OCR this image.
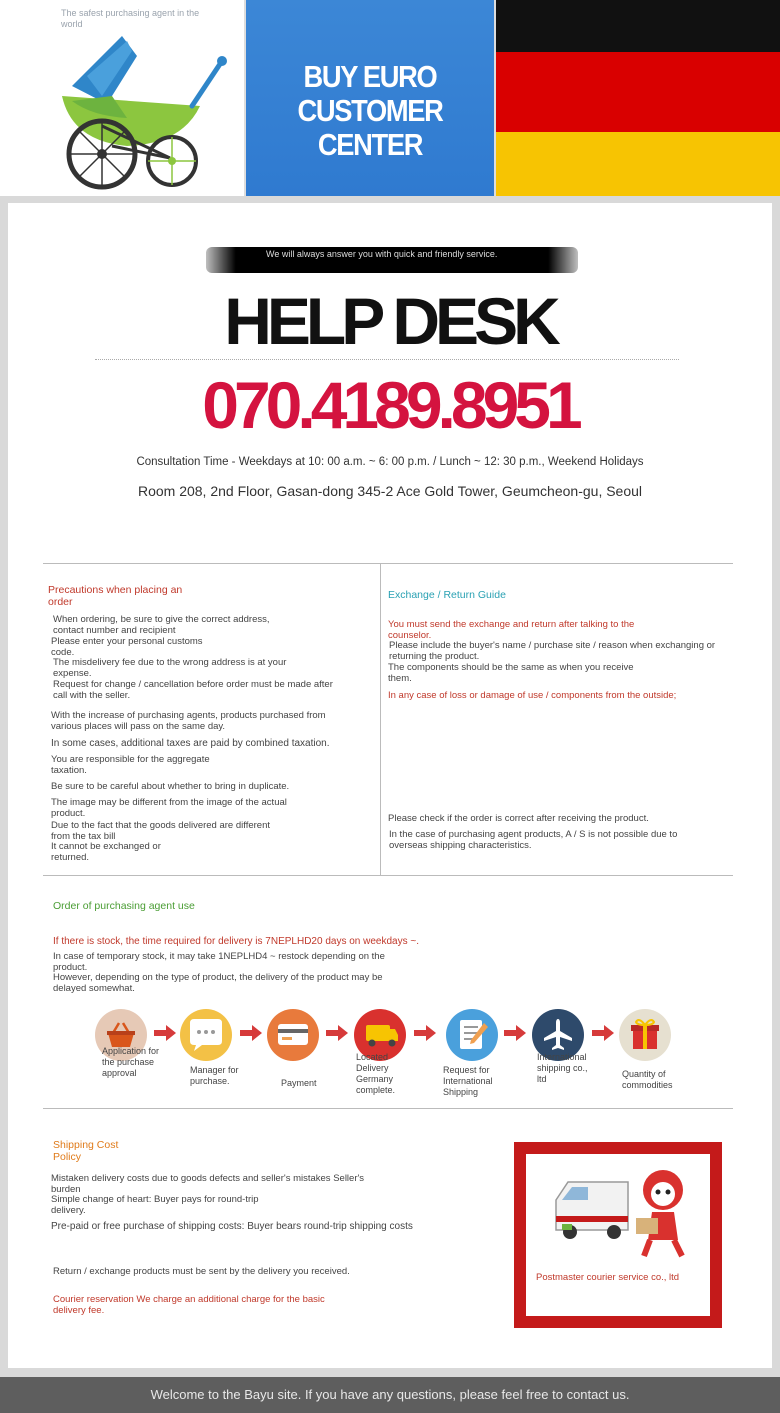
The safest purchasing agent in the world
BUY EURO
CUSTOMER CENTER
We will always answer you with quick and friendly service.
HELP DESK
070.4189.8951
Consultation Time - Weekdays at 10: 00 a.m. ~ 6: 00 p.m. / Lunch ~ 12: 30 p.m., Weekend Holidays
Room 208, 2nd Floor, Gasan-dong 345-2 Ace Gold Tower, Geumcheon-gu, Seoul
Precautions when placing an order
When ordering, be sure to give the correct address, contact number and recipient
Please enter your personal customs code.
The misdelivery fee due to the wrong address is at your expense.
Request for change / cancellation before order must be made after call with the seller.
With the increase of purchasing agents, products purchased from various places will pass on the same day.
In some cases, additional taxes are paid by combined taxation.
You are responsible for the aggregate taxation.
Be sure to be careful about whether to bring in duplicate.
The image may be different from the image of the actual product.
Due to the fact that the goods delivered are different from the tax bill
It cannot be exchanged or returned.
Exchange / Return Guide
You must send the exchange and return after talking to the counselor.
Please include the buyer's name / purchase site / reason when exchanging or returning the product.
The components should be the same as when you receive them.
In any case of loss or damage of use / components from the outside;
Please check if the order is correct after receiving the product.
In the case of purchasing agent products, A / S is not possible due to overseas shipping characteristics.
Order of purchasing agent use
If there is stock, the time required for delivery is 7NEPLHD20 days on weekdays ~.
In case of temporary stock, it may take 1NEPLHD4 ~ restock depending on the product.
However, depending on the type of product, the delivery of the product may be delayed somewhat.
Application for the purchase approval	Manager for purchase.	Payment
Located Delivery Germany complete.
Request for International Shipping
International shipping co., ltd	Quantity of commodities
Shipping Cost Policy
Mistaken delivery costs due to goods defects and seller's mistakes Seller's burden
Simple change of heart: Buyer pays for round-trip delivery.
Pre-paid or free purchase of shipping costs: Buyer bears round-trip shipping costs
Return / exchange products must be sent by the delivery you received.
Courier reservation We charge an additional charge for the basic delivery fee.
Postmaster courier service co., ltd
Welcome to the Bayu site. If you have any questions, please feel free to contact us.
